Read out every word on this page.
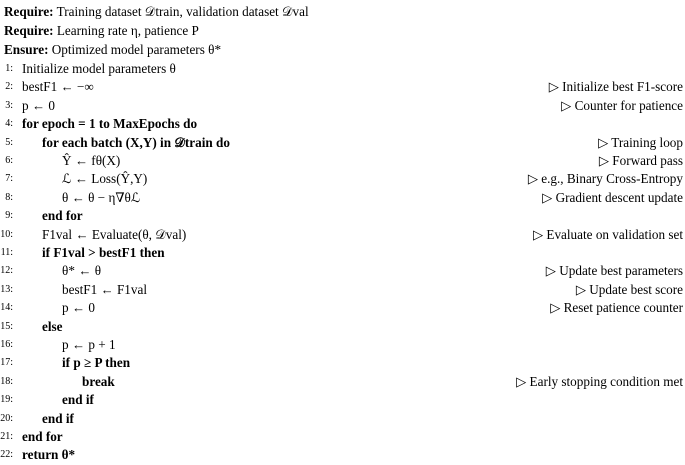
Require: Training dataset 𝒟train, validation dataset 𝒟val
Require: Learning rate η, patience P
Ensure: Optimized model parameters θ*
1: Initialize model parameters θ
2: bestF1 ← −∞	▷ Initialize best F1-score
3: p ← 0	▷ Counter for patience
4: for epoch = 1 to MaxEpochs do
5: for each batch (X,Y) in 𝒟train do	▷ Training loop
6:	Ŷ ← fθ(X)	▷ Forward pass
7:	ℒ ← Loss(Ŷ,Y)	▷ e.g., Binary Cross-Entropy
8:	θ ← θ − η∇θℒ	▷ Gradient descent update
9: end for
10: F1val ← Evaluate(θ, 𝒟val)	▷ Evaluate on validation set
11: if F1val > bestF1 then
12:	θ* ← θ	▷ Update best parameters
13:	bestF1 ← F1val	▷ Update best score
14:	p ← 0	▷ Reset patience counter
15: else
16:	p ← p + 1
17:	if p ≥ P then
18:	break	▷ Early stopping condition met
19:	end if
20: end if
21: end for
22: return θ*
